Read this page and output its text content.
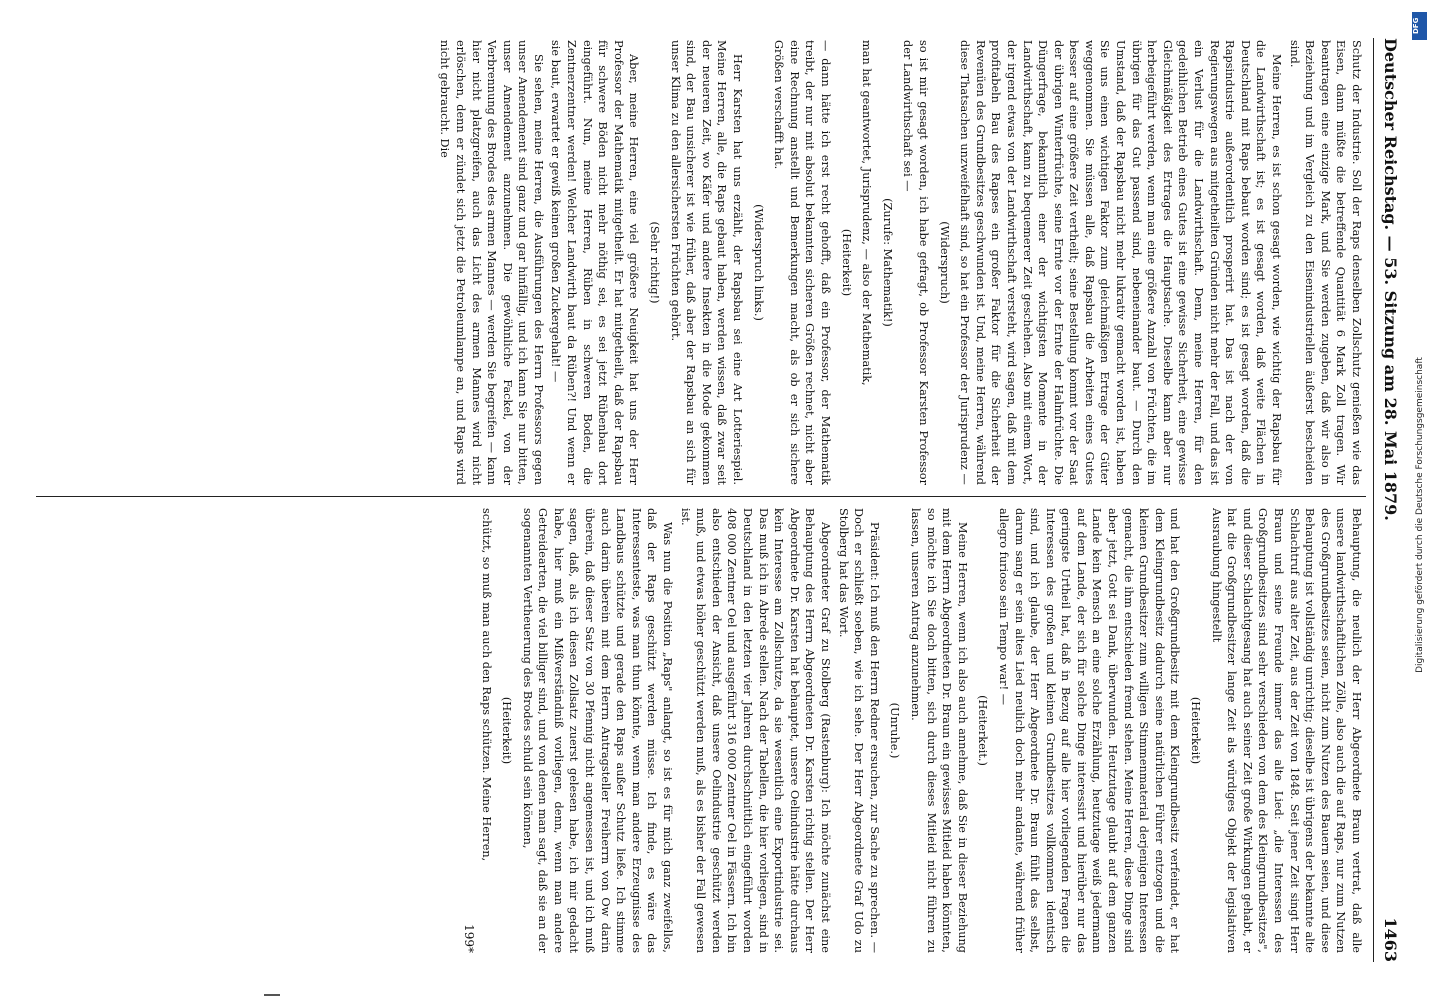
Deutscher Reichstag. — 53. Sitzung am 28. Mai 1879.
1463

Schutz der Industrie. Soll der Raps denselben Zollschutz genießen wie das Eisen, dann müßte die betreffende Quantität 6 Mark Zoll tragen. Wir beantragen eine einzige Mark, und Sie werden zugeben, daß wir also in Beziehung und im Vergleich zu den Eisenindustriellen äußerst bescheiden sind.

Meine Herren, es ist schon gesagt worden, wie wichtig der Rapsbau für die Landwirthschaft ist; es ist gesagt worden, daß weite Flächen in Deutschland mit Raps bebaut worden sind; es ist gesagt worden, daß die Rapsindustrie außerordentlich prosperirt hat. Das ist nach der von Regierungswegen aus mitgetheilten Gründen nicht mehr der Fall, und das ist ein Verlust für die Landwirthschaft. Denn, meine Herren, für den gedeihlichen Betrieb eines Gutes ist eine gewisse Sicherheit, eine gewisse Gleichmäßigkeit des Ertrages die Hauptsache. Dieselbe kann aber nur herbeigeführt werden, wenn man eine größere Anzahl von Früchten, die im übrigen für das Gut passend sind, nebeneinander baut. — Durch den Umstand, daß der Rapsbau nicht mehr lukrativ gemacht worden ist, haben Sie uns einen wichtigen Faktor zum gleichmäßigen Ertrage der Güter weggenommen. Sie müssen alle, daß Rapsbau die Arbeiten eines Gutes besser auf eine größere Zeit vertheilt; seine Bestellung kommt vor der Saat der übrigen Winterfrüchte, seine Ernte vor der Ernte der Halmfrüchte. Die Düngerfrage, bekanntlich einer der wichtigsten Momente in der Landwirthschaft, kann zu bequemerer Zeit geschehen. Also mit einem Wort, der irgend etwas von der Landwirthschaft versteht, wird sagen, daß mit dem profitabeln Bau des Rapses ein großer Faktor für die Sicherheit der Revenüen des Grundbesitzes geschwunden ist. Und, meine Herren, während diese Thatsachen unzweifelhaft sind, so hat ein Professor der Jurisprudenz —

(Widerspruch)

so ist mir gesagt worden, ich habe gefragt, ob Professor Karsten Professor der Landwirthschaft sei —

(Zurufe: Mathematik!)

man hat geantwortet, Jurisprudenz, — also der Mathematik,

(Heiterkeit)

— dann hätte ich erst recht gehofft, daß ein Professor, der Mathematik treibt, der nur mit absolut bekannten sicheren Größen rechnet, nicht aber eine Rechnung anstellt und Bemerkungen macht, als ob er sich sichere Größen verschafft hat.

(Widerspruch links.)

Herr Karsten hat uns erzählt, der Rapsbau sei eine Art Lotteriespiel. Meine Herren, alle, die Raps gebaut haben, werden wissen, daß zwar seit der neueren Zeit, wo Käfer und andere Insekten in die Mode gekommen sind, der Bau unsicherer ist wie früher, daß aber der Rapsbau an sich für unser Klima zu den allersichersten Früchten gehört.

(Sehr richtig!)

Aber, meine Herren, eine viel größere Neuigkeit hat uns der Herr Professor der Mathematik mitgetheilt. Er hat mitgetheilt, daß der Rapsbau für schwere Böden nicht mehr nöthig sei, es sei jetzt Rübenbau dort eingeführt. Nun, meine Herren, Rüben in schweren Boden, die Zentnerzentner werden! Welcher Landwirth baut da Rüben?! Und wenn er sie baut, erwartet er gewiß keinen großen Zuckergehalt! —

Sie sehen, meine Herren, die Ausführungen des Herrn Professors gegen unser Amendement sind ganz und gar hinfällig, und ich kann Sie nur bitten, unser Amendement anzunehmen. Die gewöhnliche Fackel, von der Verbrennung des Brodes des armen Mannes — werden Sie begreifen — kann hier nicht platzgreifen, auch das Licht des armen Mannes wird nicht erlöschen, denn er zündet sich jetzt die Petroleumlampe an, und Raps wird nicht gebraucht. Die

Behauptung, die neulich der Herr Abgeordnete Braun vertrat, daß alle unsere landwirthschaftlichen Zölle, also auch die auf Raps, nur zum Nutzen des Großgrundbesitzes seien, nicht zum Nutzen des Bauern seien, und diese Behauptung ist vollständig unrichtig; dieselbe ist übrigens der bekannte alte Schlachtruf aus alter Zeit, aus der Zeit von 1848. Seit jener Zeit singt Herr Braun und seine Freunde immer das alte Lied: „die Interessen des Großgrundbesitzes sind sehr verschieden von dem des Kleingrundbesitzes", und dieser Schlachtgesang hat auch seiner Zeit große Wirkungen gehabt, er hat die Großgrundbesitzer lange Zeit als würdiges Objekt der legislativen Ausraubung hingestellt

(Heiterkeit)

und hat den Großgrundbesitz mit dem Kleingrundbesitz verfeindet, er hat dem Kleingrundbesitz dadurch seine natürlichen Führer entzogen und die kleinen Grundbesitzer zum willigen Stimmenmaterial derjenigen Interessen gemacht, die ihm entschieden fremd stehen. Meine Herren, diese Dinge sind aber jetzt, Gott sei Dank, überwunden. Heutzutage glaubt auf dem ganzen Lande kein Mensch an eine solche Erzählung, heutzutage weiß jedermann auf dem Lande, der sich für solche Dinge interessirt und hierüber nur das geringste Urtheil hat, daß in Bezug auf alle hier vorliegenden Fragen die Interessen des großen und kleinen Grundbesitzes vollkommen identisch sind, und ich glaube, der Herr Abgeordnete Dr. Braun fühlt das selbst, darum sang er sein altes Lied neulich doch mehr andante, während früher allegro furioso sein Tempo war! —

(Heiterkeit.)

Meine Herren, wenn ich also auch annehme, daß Sie in dieser Beziehung mit dem Herrn Abgeordneten Dr. Braun ein gewisses Mitleid haben könnten, so möchte ich Sie doch bitten, sich durch dieses Mitleid nicht führen zu lassen, unseren Antrag anzunehmen.

(Unruhe.)

Präsident: Ich muß den Herrn Redner ersuchen, zur Sache zu sprechen. — Doch er schließt soeben, wie ich sehe. Der Herr Abgeordnete Graf Udo zu Stolberg hat das Wort.

Abgeordneter Graf zu Stolberg (Rastenburg): Ich möchte zunächst eine Behauptung des Herrn Abgeordneten Dr. Karsten richtig stellen. Der Herr Abgeordnete Dr. Karsten hat behauptet, unsere Oelindustrie hätte durchaus kein Interesse am Zollschutze, da sie wesentlich eine Exportindustrie sei. Das muß ich in Abrede stellen. Nach der Tabellen, die hier vorliegen, sind in Deutschland in den letzten vier Jahren durchschnittlich eingeführt worden 408 000 Zentner Oel und ausgeführt 316 000 Zentner Oel in Fässern. Ich bin also entschieden der Ansicht, daß unsere Oelindustrie geschützt werden muß, und etwas höher geschützt werden muß, als es bisher der Fall gewesen ist.

Was nun die Position „Raps" anlangt, so ist es für mich ganz zweifellos, daß der Raps geschützt werden müsse. Ich finde, es wäre das Interessenteste, was man thun könnte, wenn man andere Erzeugnisse des Landbaus schützte und gerade den Raps außer Schutz ließe. Ich stimme auch darin überein mit dem Herrn Antragsteller Freiherrn von Ow darin überein, daß dieser Satz von 30 Pfennig nicht angemessen ist, und ich muß sagen, daß, als ich diesen Zollsatz zuerst gelesen habe, ich mir gedacht habe, hier muß ein Mißverständniß vorliegen, denn, wenn man andere Getreidearten, die viel billiger sind, und von denen man sagt, daß sie an der sogenannten Vertheuerung des Brodes schuld sein können,

(Heiterkeit)

schützt, so muß man auch den Raps schützen. Meine Herren,

199*

DFG
Digitalisierung gefördert durch die Deutsche Forschungsgemeinschaft
